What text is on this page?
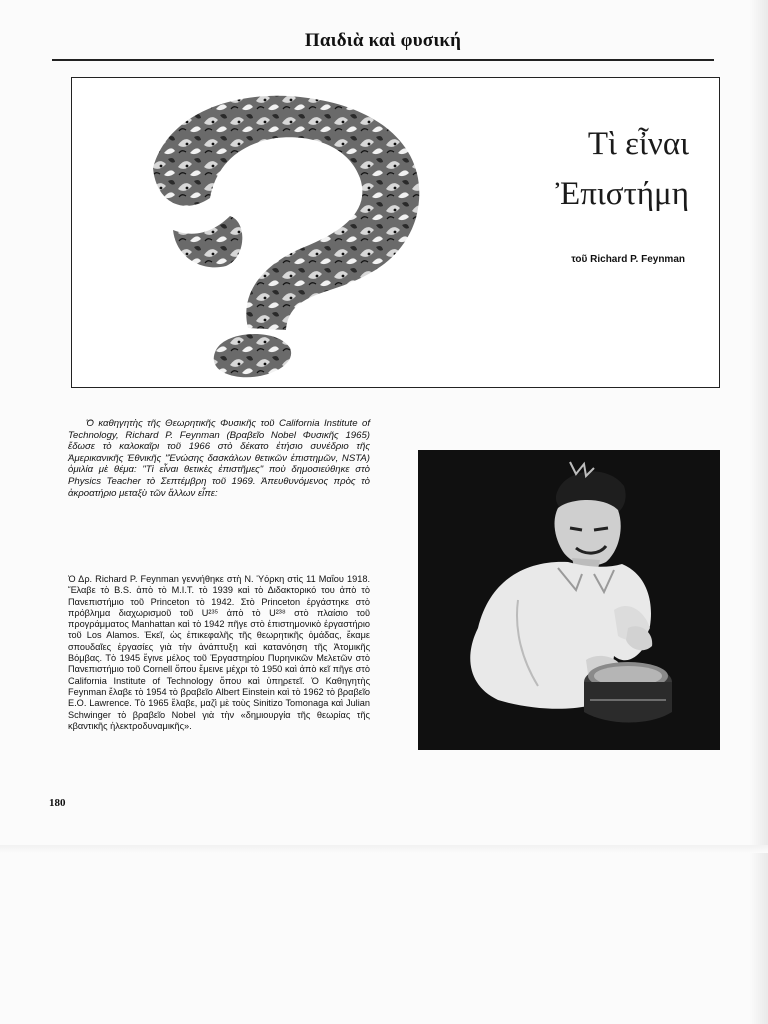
Παιδιὰ καὶ φυσική
Τὶ εἶναι
Ἐπιστήμη
τοῦ Richard P. Feynman

Ὁ καθηγητὴς τῆς Θεωρητικῆς Φυσικῆς τοῦ California Institute of Technology, Richard P. Feynman (Βραβεῖο Nobel Φυσικῆς 1965) ἔδωσε τὸ καλοκαῖρι τοῦ 1966 στὸ δέκατο ἐτήσιο συνέδριο τῆς Ἀμερικανικῆς Ἐθνικῆς "Ἑνώσης δασκάλων θετικῶν ἐπιστημῶν, NSTA) ὁμιλία μὲ θέμα: "Τὶ εἶναι θετικὲς ἐπιστῆμες" ποὺ δημοσιεύθηκε στὸ Physics Teacher τὸ Σεπτέμβρη τοῦ 1969. Ἀπευθυνόμενος πρὸς τὸ ἀκροατήριο μεταξὺ τῶν ἄλλων εἶπε:

Ὁ Δρ. Richard P. Feynman γεννήθηκε στὴ Ν. Ὑόρκη στὶς 11 Μαΐου 1918. Ἔλαβε τὸ B.S. ἀπὸ τὸ M.I.T. τὸ 1939 καὶ τὸ Διδακτορικό του ἀπὸ τὸ Πανεπιστήμιο τοῦ Princeton τὸ 1942. Στὸ Princeton ἐργάστηκε στὸ πρόβλημα διαχωρισμοῦ τοῦ U²³⁵ ἀπὸ τὸ U²³⁸ στὸ πλαίσιο τοῦ προγράμματος Manhattan καὶ τὸ 1942 πῆγε στὸ ἐπιστημονικὸ ἐργαστήριο τοῦ Los Alamos. Ἐκεῖ, ὡς ἐπικεφαλῆς τῆς θεωρητικῆς ὁμάδας, ἔκαμε σπουδαῖες ἐργασίες γιὰ τὴν ἀνάπτυξη καὶ κατανόηση τῆς Ἀτομικῆς Βόμβας. Τὸ 1945 ἔγινε μέλος τοῦ Ἐργαστηρίου Πυρηνικῶν Μελετῶν στὸ Πανεπιστήμιο τοῦ Cornell ὅπου ἔμεινε μέχρι τὸ 1950 καὶ ἀπὸ κεῖ πῆγε στὸ California Institute of Technology ὅπου καὶ ὑπηρετεῖ. Ὁ Καθηγητὴς Feynman ἔλαβε τὸ 1954 τὸ βραβεῖο Albert Einstein καὶ τὸ 1962 τὸ βραβεῖο E.O. Lawrence. Τὸ 1965 ἔλαβε, μαζὶ μὲ τοὺς Sinitizo Tomonaga καὶ Julian Schwinger τὸ βραβεῖο Nobel γιὰ τὴν «δημιουργία τῆς θεωρίας τῆς κβαντικῆς ἠλεκτροδυναμικῆς».

180
